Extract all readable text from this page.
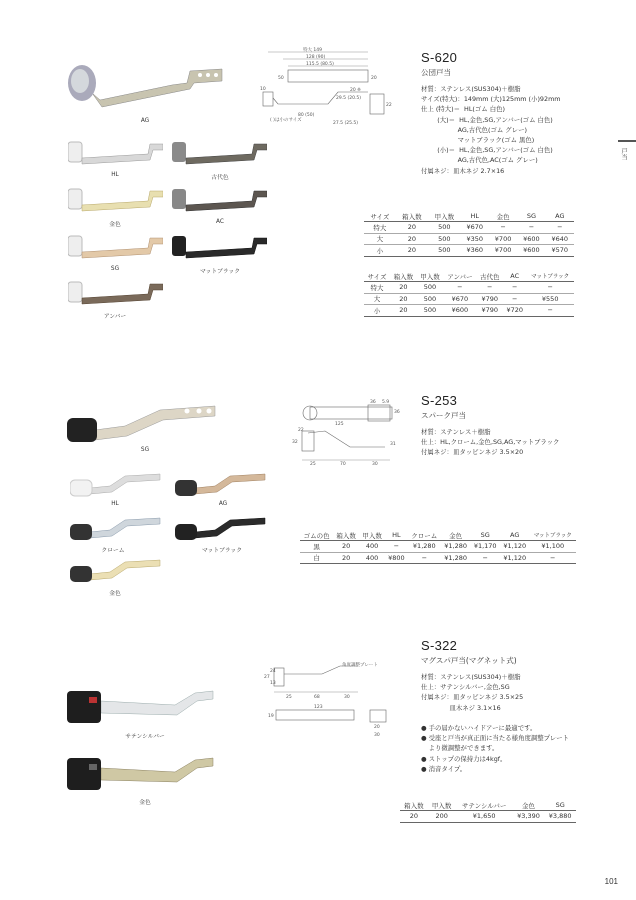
戸当
AG
HL	古代色
金色	AC
SG	マットブラック
アンバー
特大 149
128 (90)
115.5 (80.5)
50	20
20 ※
29.5 (20.5)
10
( )は小のサイズ
80 (50)
27.5 (25.5)
22
S-620
公団戸当
材質：ステンレス(SUS304)＋樹脂
サイズ(特大)：149mm (大)125mm (小)92mm
仕上 (特大)＝  HL(ゴム 白色)
(大)＝  HL,金色,SG,アンバー(ゴム 白色)
AG,古代色(ゴム グレー)
マットブラック(ゴム 黒色)
(小)＝  HL,金色,SG,アンバー(ゴム 白色)
AG,古代色,AC(ゴム グレー)
付属ネジ：皿木ネジ 2.7×16
サイズ	箱入数	甲入数	HL	金色	SG	AG
特大	20	500	¥670	−	−	−
大	20	500	¥350	¥700	¥600	¥640
小	20	500	¥360	¥700	¥600	¥570
サイズ	箱入数	甲入数	アンバー	古代色	AC	マットブラック
特大	20	500	−	−	−	−
大	20	500	¥670	¥790	−	¥550
小	20	500	¥600	¥790	¥720	−
SG
HL	AG
クローム	マットブラック
金色
36 5.9
36
125
32
22
31
25	70	30
S-253
スパーク戸当
材質：ステンレス＋樹脂
仕上：HL,クローム,金色,SG,AG,マットブラック
付属ネジ：皿タッピンネジ 3.5×20
ゴムの色	箱入数	甲入数	HL	クローム	金色	SG	AG	マットブラック
黒	20	400	−	¥1,280	¥1,280	¥1,170	¥1,120	¥1,100
白	20	400	¥800	−	¥1,280	−	¥1,120	−
サテンシルバー
金色
角度調整プレート
24
27
13
25	68	30
123
19
20
30
S-322
マグスパ戸当(マグネット式)
材質：ステンレス(SUS304)＋樹脂
仕上：サテンシルバー,金色,SG
付属ネジ：皿タッピンネジ 3.5×25
皿木ネジ 3.1×16
● 手の届かないハイドアーに最適です。
● 受座と戸当が真正面に当たる様角度調整プレート
より微調整ができます。
● ストップの保持力は4kgf。
● 消音タイプ。
箱入数	甲入数	サテンシルバー	金色	SG
20	200	¥1,650	¥3,390	¥3,880
101
